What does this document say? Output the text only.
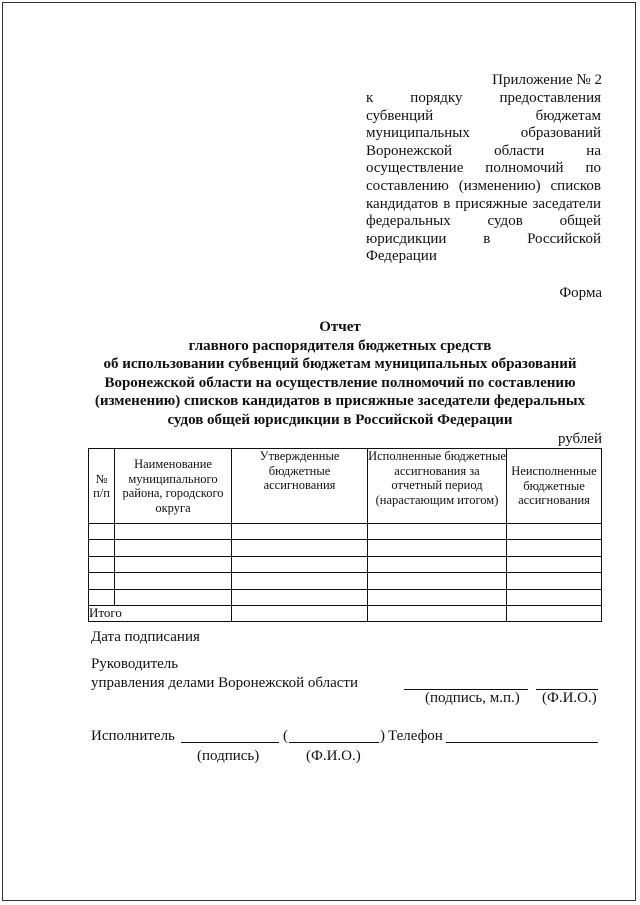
Приложение № 2
к порядку предоставления
субвенций бюджетам
муниципальных образований
Воронежской области на
осуществление полномочий по
составлению (изменению) списков
кандидатов в присяжные заседатели
федеральных судов общей
юрисдикции в Российской
Федерации
Форма
Отчет
главного распорядителя бюджетных средств
об использовании субвенций бюджетам муниципальных образований
Воронежской области на осуществление полномочий по составлению
(изменению) списков кандидатов в присяжные заседатели федеральных
судов общей юрисдикции в Российской Федерации
рублей
№ п/п	Наименование муниципального района, городского округа	Утвержденные бюджетные ассигнования	Исполненные бюджетные ассигнования за отчетный период (нарастающим итогом)	Неисполненные бюджетные ассигнования

Итого				
Дата подписания
Руководитель
управления делами Воронежской области
(подпись, м.п.) (Ф.И.О.)
Исполнитель	(	) Телефон
(подпись)	(Ф.И.О.)
